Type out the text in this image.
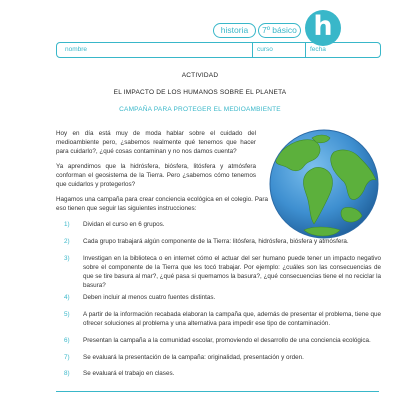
historia	7º básico h
nombre	curso	fecha
ACTIVIDAD
EL IMPACTO DE LOS HUMANOS SOBRE EL PLANETA
CAMPAÑA PARA PROTEGER EL MEDIOAMBIENTE
Hoy en día está muy de moda hablar sobre el cuidado del medioambiente pero, ¿sabemos realmente qué tenemos que hacer para cuidarlo?, ¿qué cosas contaminan y no nos damos cuenta?
Ya aprendimos que la hidrósfera, biósfera, litósfera y atmósfera conforman el geosistema de la Tierra. Pero ¿sabemos cómo tenemos que cuidarlos y protegerlos?
Hagamos una campaña para crear conciencia ecológica en el colegio. Para eso tienen que seguir las siguientes instrucciones:
1) Dividan el curso en 6 grupos.
2) Cada grupo trabajará algún componente de la Tierra: litósfera, hidrósfera, biósfera y atmósfera.
3) Investigan en la biblioteca o en internet cómo el actuar del ser humano puede tener un impacto negativo sobre el componente de la Tierra que les tocó trabajar. Por ejemplo: ¿cuáles son las consecuencias de que se tire basura al mar?, ¿qué pasa si quemamos la basura?, ¿qué consecuencias tiene el no reciclar la basura?
4) Deben incluir al menos cuatro fuentes distintas.
5) A partir de la información recabada elaboran la campaña que, además de presentar el problema, tiene que ofrecer soluciones al problema y una alternativa para impedir ese tipo de contaminación.
6) Presentan la campaña a la comunidad escolar, promoviendo el desarrollo de una conciencia ecológica.
7) Se evaluará la presentación de la campaña: originalidad, presentación y orden.
8) Se evaluará el trabajo en clases.
